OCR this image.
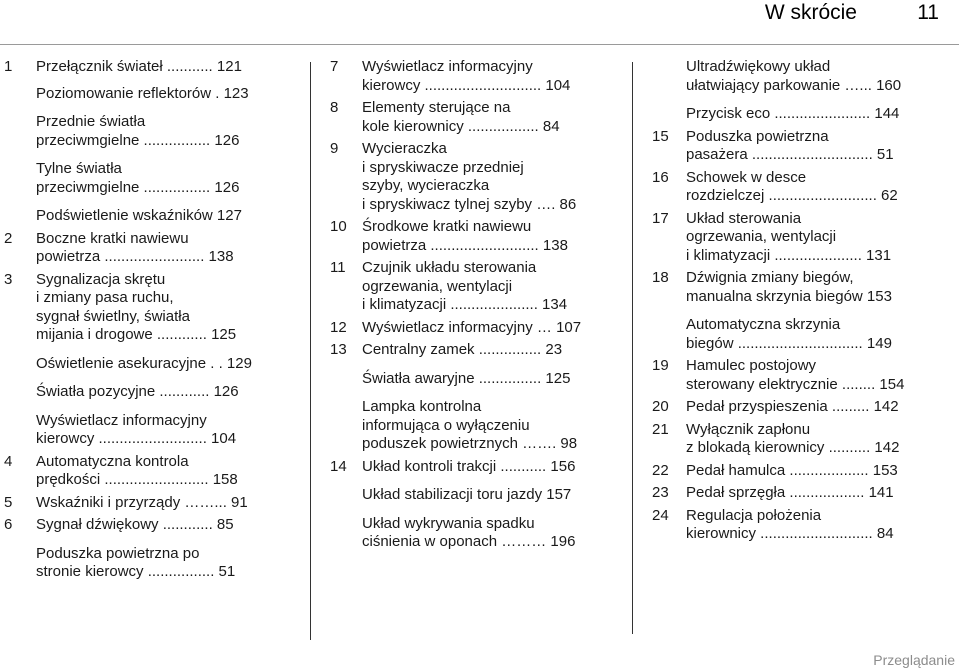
W skrócie	11
1 Przełącznik świateł ........... 121
Poziomowanie reflektorów . 123
Przednie światła
przeciwmgielne ................ 126
Tylne światła
przeciwmgielne ................ 126
Podświetlenie wskaźników 127
2 Boczne kratki nawiewu
powietrza ........................ 138
3 Sygnalizacja skrętu
i zmiany pasa ruchu,
sygnał świetlny, światła
mijania i drogowe ............ 125
Oświetlenie asekuracyjne . . 129
Światła pozycyjne ............ 126
Wyświetlacz informacyjny
kierowcy .......................... 104
4 Automatyczna kontrola
prędkości ......................... 158
5 Wskaźniki i przyrządy ……... 91
6 Sygnał dźwiękowy ............ 85
Poduszka powietrzna po
stronie kierowcy ................ 51
7 Wyświetlacz informacyjny
kierowcy ............................ 104
8 Elementy sterujące na
kole kierownicy ................. 84
9 Wycieraczka
i spryskiwacze przedniej
szyby, wycieraczka
i spryskiwacz tylnej szyby …. 86
10 Środkowe kratki nawiewu
powietrza .......................... 138
11 Czujnik układu sterowania
ogrzewania, wentylacji
i klimatyzacji ..................... 134
12 Wyświetlacz informacyjny … 107
13 Centralny zamek ............... 23
Światła awaryjne ............... 125
Lampka kontrolna
informująca o wyłączeniu
poduszek powietrznych ……. 98
14 Układ kontroli trakcji ........... 156
Układ stabilizacji toru jazdy 157
Układ wykrywania spadku
ciśnienia w oponach ……… 196
Ultradźwiękowy układ
ułatwiający parkowanie …... 160
Przycisk eco ....................... 144
15 Poduszka powietrzna
pasażera ............................. 51
16 Schowek w desce
rozdzielczej .......................... 62
17 Układ sterowania
ogrzewania, wentylacji
i klimatyzacji ..................... 131
18 Dźwignia zmiany biegów,
manualna skrzynia biegów 153
Automatyczna skrzynia
biegów .............................. 149
19 Hamulec postojowy
sterowany elektrycznie ........ 154
20 Pedał przyspieszenia ......... 142
21 Wyłącznik zapłonu
z blokadą kierownicy .......... 142
22 Pedał hamulca ................... 153
23 Pedał sprzęgła .................. 141
24 Regulacja położenia
kierownicy ........................... 84
Przeglądanie
